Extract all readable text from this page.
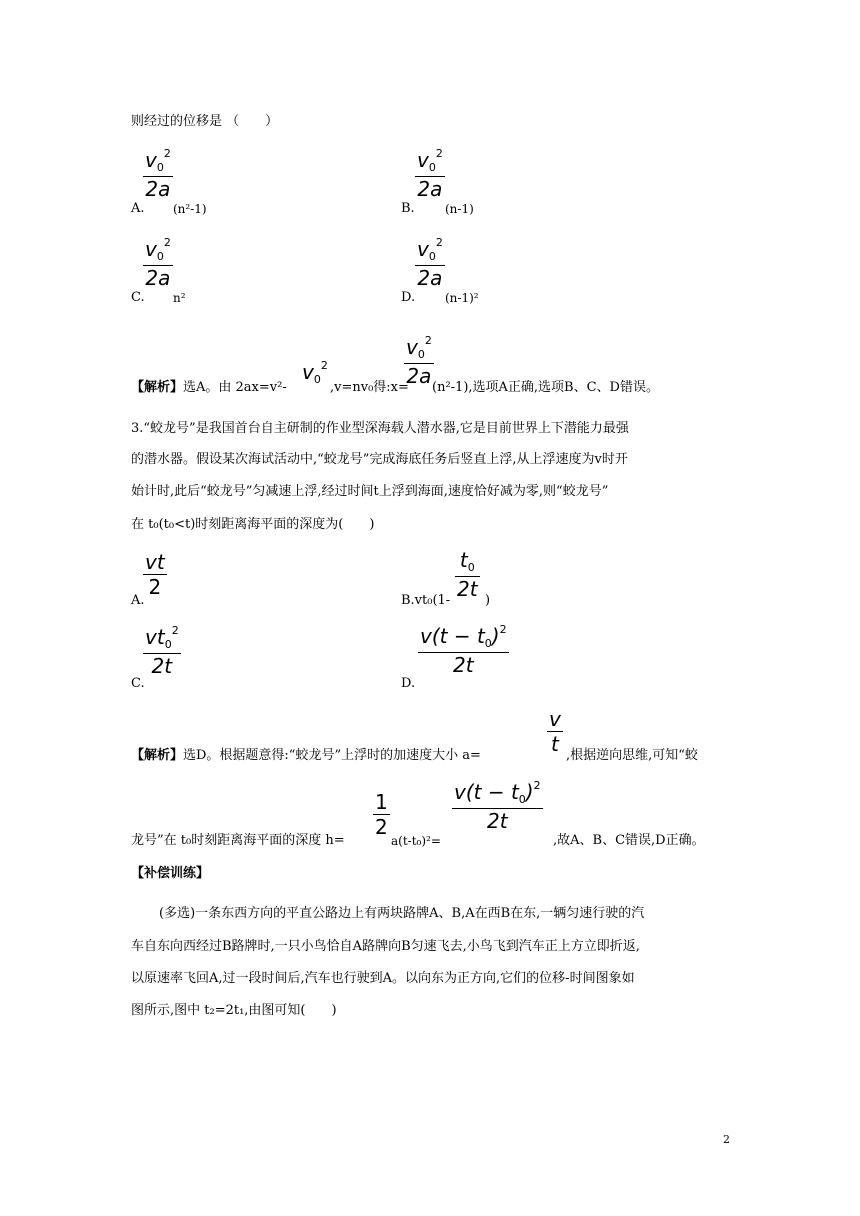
则经过的位移是 （　　）
$v_0^2$
2a
A. (n²-1)
$v_0^2$
2a
B.	(n-1)
$v_0^2$
2a
C. n²
$v_0^2$
2a
D. (n-1)²
【解析】 选A。由 2ax=v²-
$v_0^2$
,v=nv₀得:x=
$v_0^2$
2a (n²-1),选项A正确,选项B、C、D错误。
3.“蛟龙号”是我国首台自主研制的作业型深海载人潜水器,它是目前世界上下潜能力最强
的潜水器。假设某次海试活动中,“蛟龙号”完成海底任务后竖直上浮,从上浮速度为v时开
始计时,此后“蛟龙号”匀减速上浮,经过时间t上浮到海面,速度恰好减为零,则“蛟龙号”
在 t₀(t₀<t)时刻距离海平面的深度为(　　)
vt
2
A.	B.vt₀(1-
$t_0$
2t )
$vt_0^2$
2t
C.
$v(t - t_0)^2$
2t
D.
【解析】 选D。根据题意得:“蛟龙号”上浮时的加速度大小 a=
v
t ,根据逆向思维,可知“蛟
龙号”在 t₀时刻距离海平面的深度 h=
1
2
a(t-t₀)²=
$v(t - t_0)^2$
2t
,故A、B、C错误,D正确。
【补偿训练】
(多选)一条东西方向的平直公路边上有两块路牌A、B,A在西B在东,一辆匀速行驶的汽
车自东向西经过B路牌时,一只小鸟恰自A路牌向B匀速飞去,小鸟飞到汽车正上方立即折返,
以原速率飞回A,过一段时间后,汽车也行驶到A。以向东为正方向,它们的位移-时间图象如
图所示,图中 t₂=2t₁,由图可知(　　)
2
